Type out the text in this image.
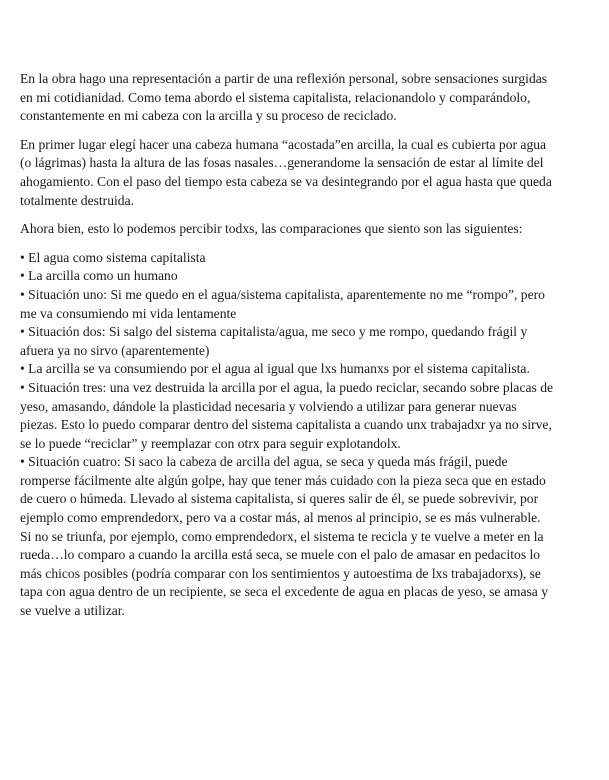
En la obra hago una representación a partir de una reflexión personal, sobre sensaciones surgidas en mi cotidianidad. Como tema abordo el sistema capitalista, relacionandolo y comparándolo, constantemente en mi cabeza con la arcilla y su proceso de reciclado.

En primer lugar elegí hacer una cabeza humana “acostada”en arcilla, la cual es cubierta por agua (o lágrimas) hasta la altura de las fosas nasales…generandome la sensación de estar al límite del ahogamiento. Con el paso del tiempo esta cabeza se va desintegrando por el agua hasta que queda totalmente destruida.

Ahora bien, esto lo podemos percibir todxs, las comparaciones que siento son las siguientes:

• El agua como sistema capitalista
• La arcilla como un humano
• Situación uno: Si me quedo en el agua/sistema capitalista, aparentemente no me “rompo”, pero me va consumiendo mi vida lentamente
• Situación dos: Si salgo del sistema capitalista/agua, me seco y me rompo, quedando frágil y afuera ya no sirvo (aparentemente)
• La arcilla se va consumiendo por el agua al igual que lxs humanxs por el sistema capitalista.
• Situación tres: una vez destruida la arcilla por el agua, la puedo reciclar, secando sobre placas de yeso, amasando, dándole la plasticidad necesaria y volviendo a utilizar para generar nuevas piezas. Esto lo puedo comparar dentro del sistema capitalista a cuando unx trabajadxr ya no sirve, se lo puede “reciclar” y reemplazar con otrx para seguir explotandolx.
• Situación cuatro: Si saco la cabeza de arcilla del agua, se seca y queda más frágil, puede romperse fácilmente alte algún golpe, hay que tener más cuidado con la pieza seca que en estado de cuero o húmeda. Llevado al sistema capitalista, si queres salir de él, se puede sobrevivir, por ejemplo como emprendedorx, pero va a costar más, al menos al principio, se es más vulnerable. Si no se triunfa, por ejemplo, como emprendedorx, el sistema te recicla y te vuelve a meter en la rueda…lo comparo a cuando la arcilla está seca, se muele con el palo de amasar en pedacitos lo más chicos posibles (podría comparar con los sentimientos y autoestima de lxs trabajadorxs), se tapa con agua dentro de un recipiente, se seca el excedente de agua en placas de yeso, se amasa y se vuelve a utilizar.
